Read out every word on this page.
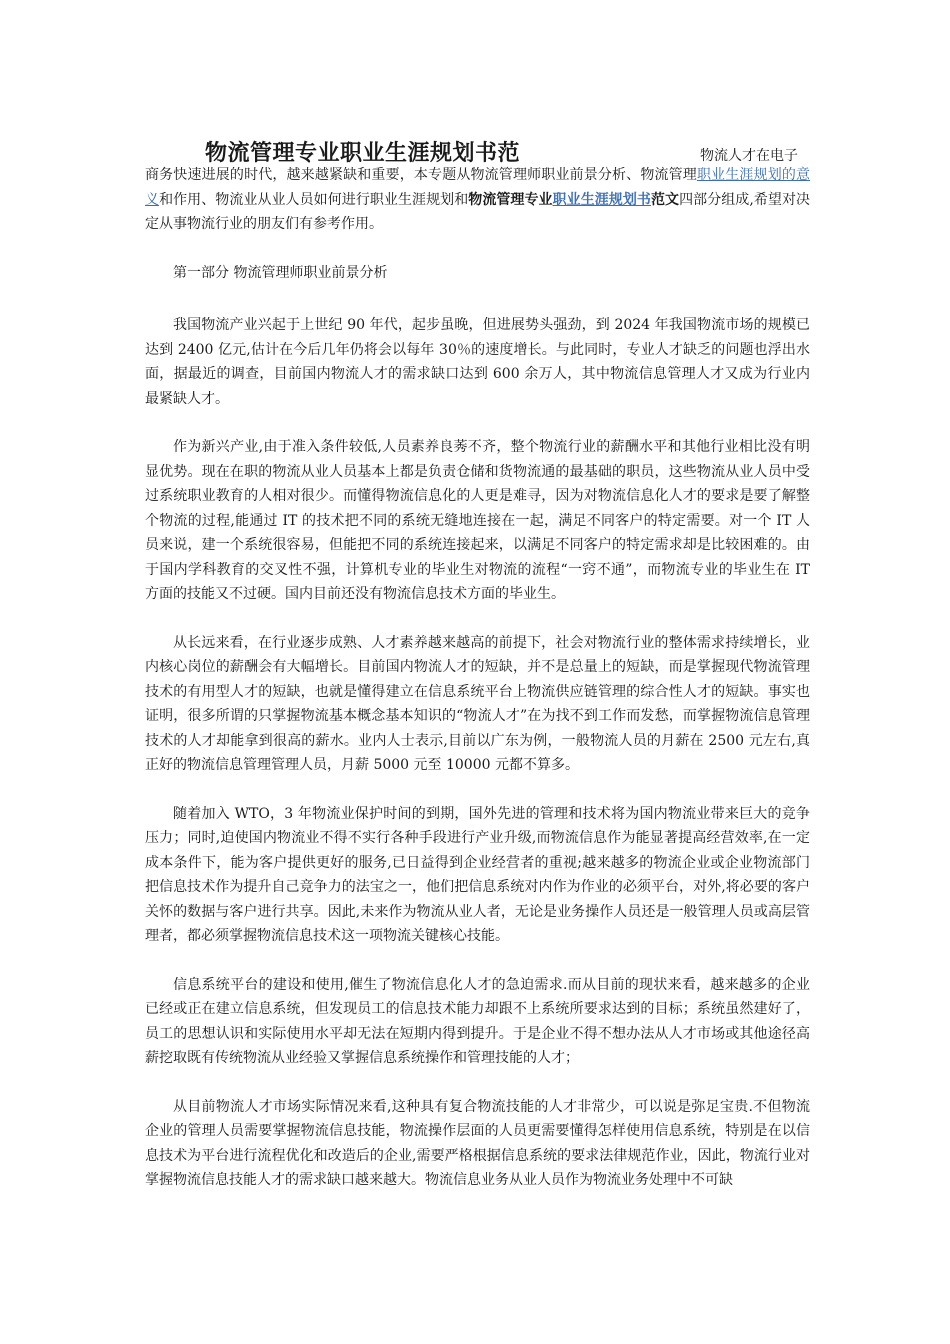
物流管理专业职业生涯规划书范	物流人才在电子

商务快速进展的时代，越来越紧缺和重要，本专题从物流管理师职业前景分析、物流管理职业生涯规划的意义和作用、物流业从业人员如何进行职业生涯规划和物流管理专业职业生涯规划书范文四部分组成,希望对决定从事物流行业的朋友们有参考作用。

第一部分 物流管理师职业前景分析

我国物流产业兴起于上世纪 90 年代，起步虽晚，但进展势头强劲，到 2024 年我国物流市场的规模已达到 2400 亿元,估计在今后几年仍将会以每年 30％的速度增长。与此同时，专业人才缺乏的问题也浮出水面，据最近的调查，目前国内物流人才的需求缺口达到 600 余万人，其中物流信息管理人才又成为行业内最紧缺人才。

作为新兴产业,由于准入条件较低,人员素养良莠不齐，整个物流行业的薪酬水平和其他行业相比没有明显优势。现在在职的物流从业人员基本上都是负责仓储和货物流通的最基础的职员，这些物流从业人员中受过系统职业教育的人相对很少。而懂得物流信息化的人更是难寻，因为对物流信息化人才的要求是要了解整个物流的过程,能通过 IT 的技术把不同的系统无缝地连接在一起，满足不同客户的特定需要。对一个 IT 人员来说，建一个系统很容易，但能把不同的系统连接起来，以满足不同客户的特定需求却是比较困难的。由于国内学科教育的交叉性不强，计算机专业的毕业生对物流的流程“一窍不通”，而物流专业的毕业生在 IT 方面的技能又不过硬。国内目前还没有物流信息技术方面的毕业生。

从长远来看，在行业逐步成熟、人才素养越来越高的前提下，社会对物流行业的整体需求持续增长，业内核心岗位的薪酬会有大幅增长。目前国内物流人才的短缺，并不是总量上的短缺，而是掌握现代物流管理技术的有用型人才的短缺，也就是懂得建立在信息系统平台上物流供应链管理的综合性人才的短缺。事实也证明，很多所谓的只掌握物流基本概念基本知识的“物流人才”在为找不到工作而发愁，而掌握物流信息管理技术的人才却能拿到很高的薪水。业内人士表示,目前以广东为例，一般物流人员的月薪在 2500 元左右,真正好的物流信息管理管理人员，月薪 5000 元至 10000 元都不算多。

随着加入 WTO，3 年物流业保护时间的到期，国外先进的管理和技术将为国内物流业带来巨大的竞争压力；同时,迫使国内物流业不得不实行各种手段进行产业升级,而物流信息作为能显著提高经营效率,在一定成本条件下，能为客户提供更好的服务,已日益得到企业经营者的重视;越来越多的物流企业或企业物流部门把信息技术作为提升自己竞争力的法宝之一，他们把信息系统对内作为作业的必须平台，对外,将必要的客户关怀的数据与客户进行共享。因此,未来作为物流从业人者，无论是业务操作人员还是一般管理人员或高层管理者，都必须掌握物流信息技术这一项物流关键核心技能。

信息系统平台的建设和使用,催生了物流信息化人才的急迫需求.而从目前的现状来看，越来越多的企业已经或正在建立信息系统，但发现员工的信息技术能力却跟不上系统所要求达到的目标；系统虽然建好了，员工的思想认识和实际使用水平却无法在短期内得到提升。于是企业不得不想办法从人才市场或其他途径高薪挖取既有传统物流从业经验又掌握信息系统操作和管理技能的人才；

从目前物流人才市场实际情况来看,这种具有复合物流技能的人才非常少，可以说是弥足宝贵.不但物流企业的管理人员需要掌握物流信息技能，物流操作层面的人员更需要懂得怎样使用信息系统，特别是在以信息技术为平台进行流程优化和改造后的企业,需要严格根据信息系统的要求法律规范作业，因此，物流行业对掌握物流信息技能人才的需求缺口越来越大。物流信息业务从业人员作为物流业务处理中不可缺
